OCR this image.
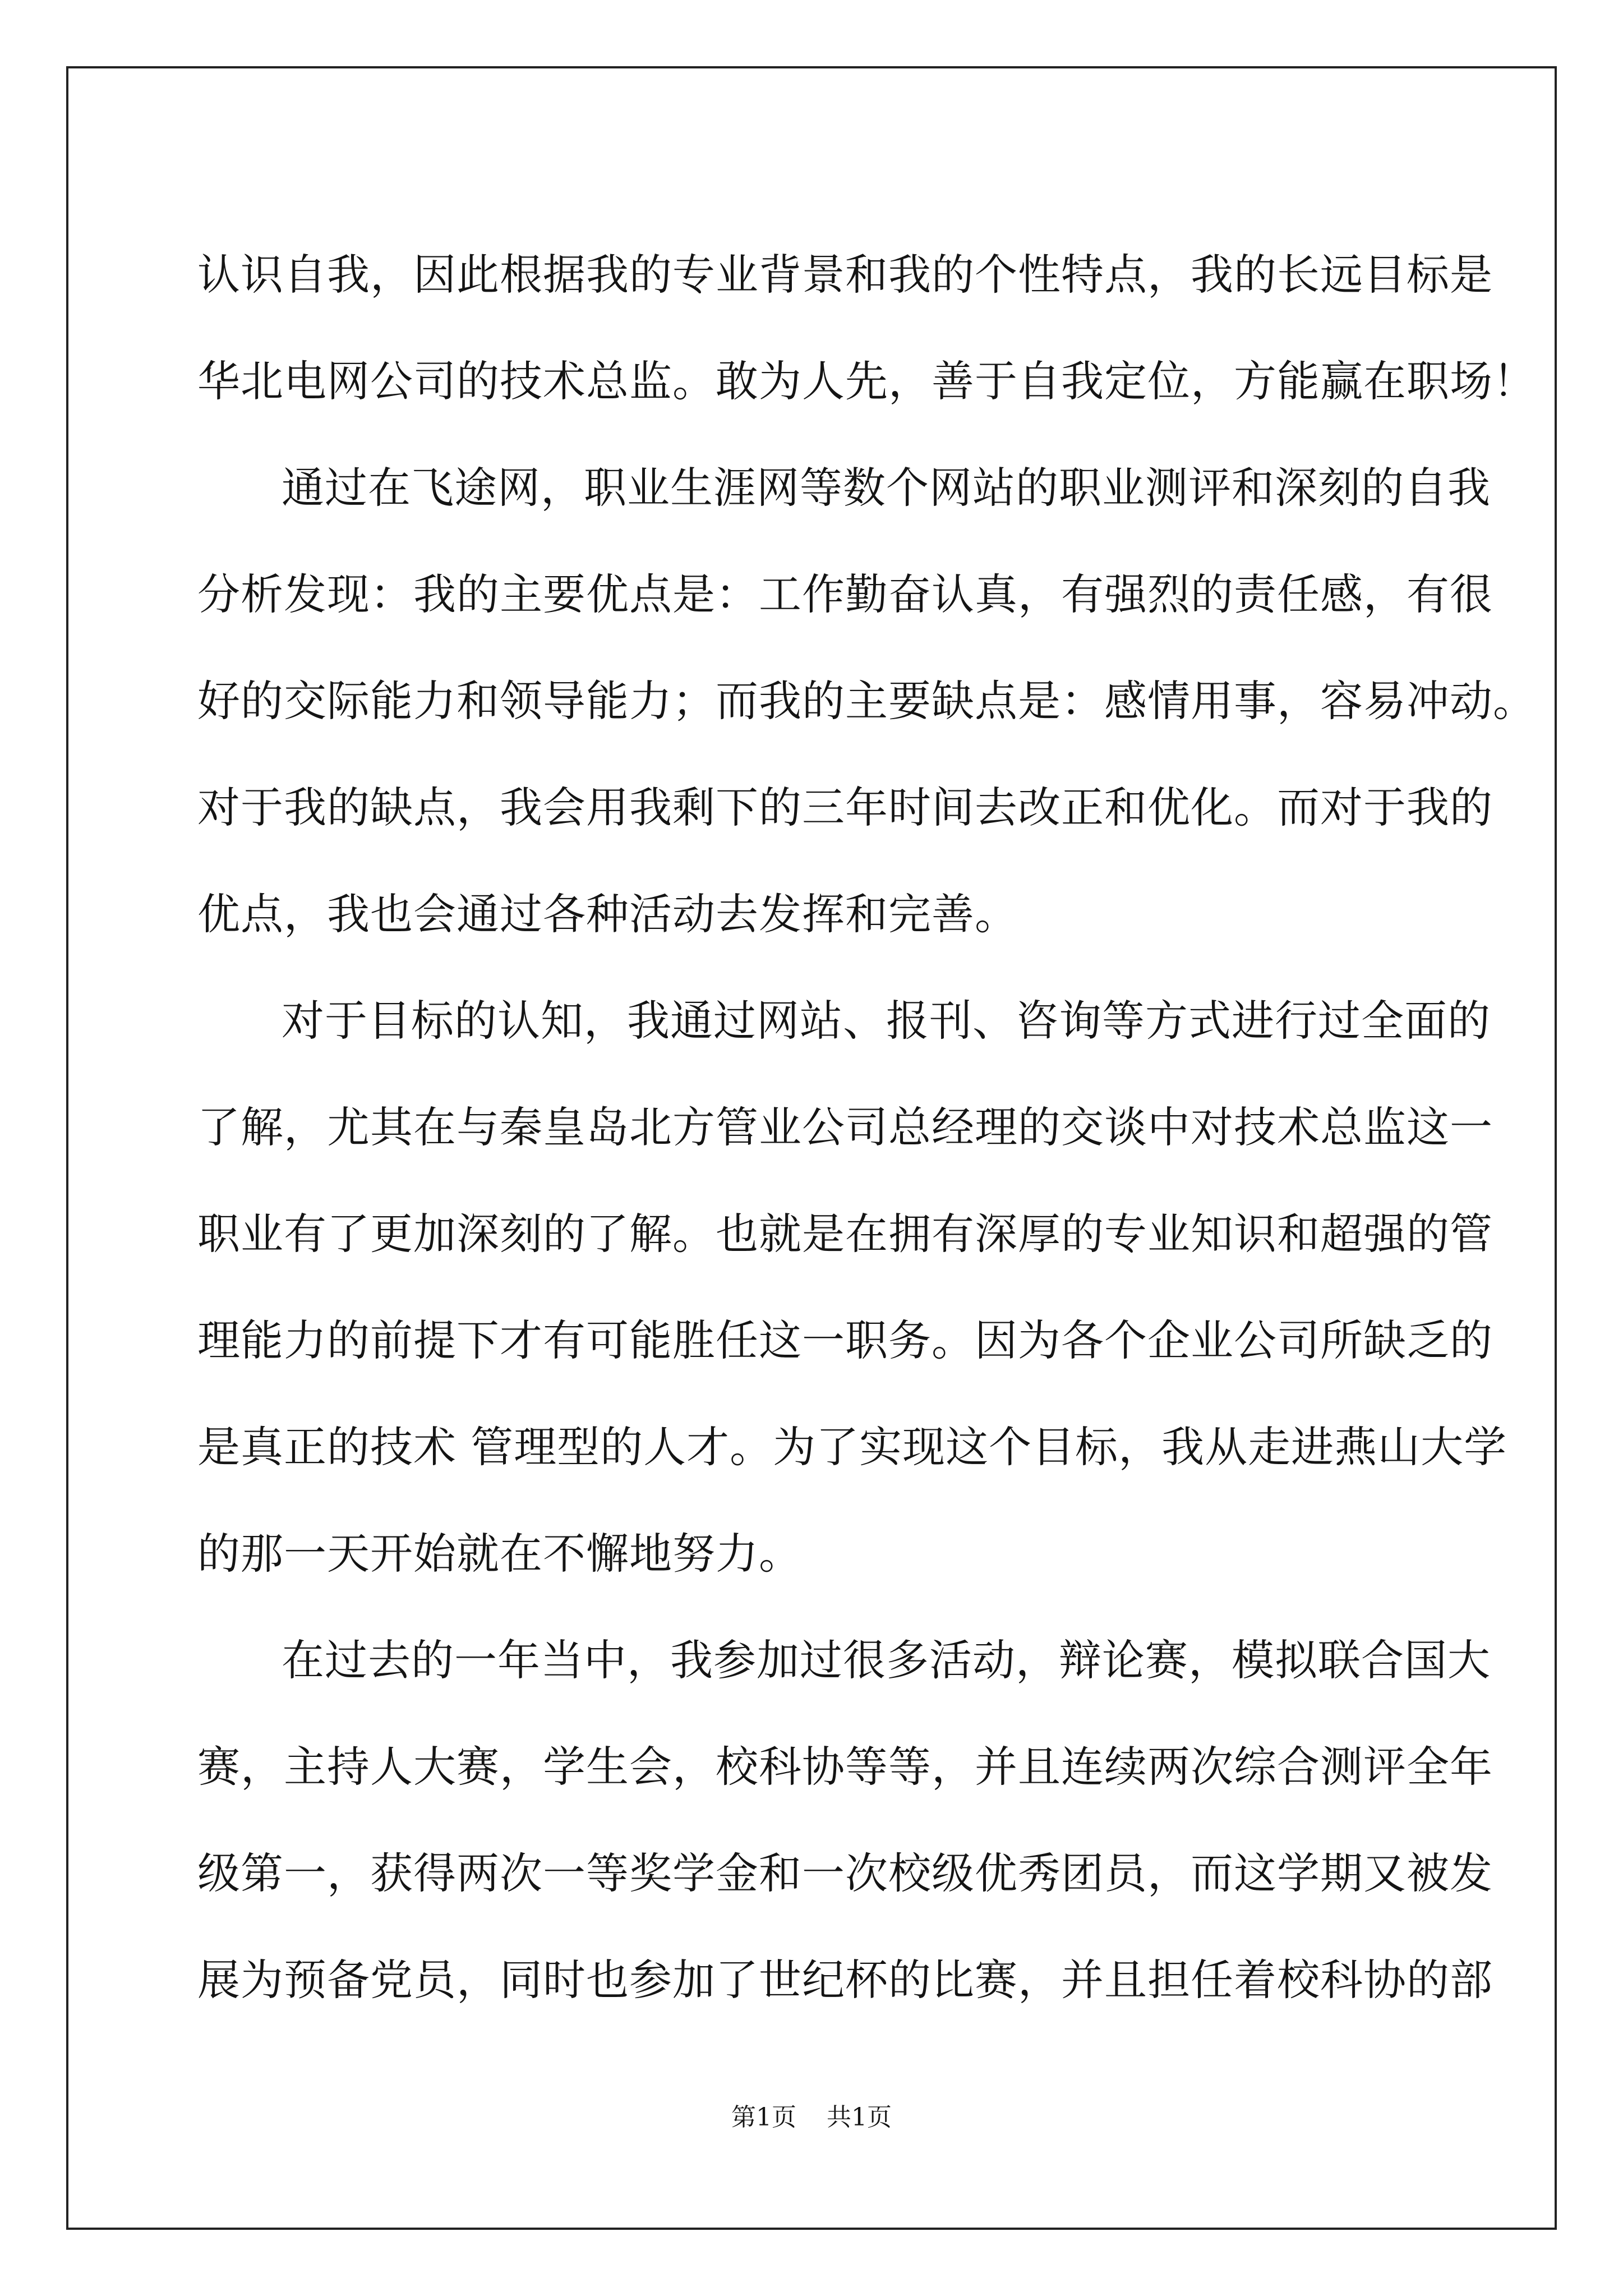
认识自我，因此根据我的专业背景和我的个性特点，我的长远目标是
华北电网公司的技术总监。敢为人先，善于自我定位，方能赢在职场！
通过在飞途网，职业生涯网等数个网站的职业测评和深刻的自我
分析发现：我的主要优点是：工作勤奋认真，有强烈的责任感，有很
好的交际能力和领导能力；而我的主要缺点是：感情用事，容易冲动。
对于我的缺点，我会用我剩下的三年时间去改正和优化。而对于我的
优点，我也会通过各种活动去发挥和完善。
对于目标的认知，我通过网站、报刊、咨询等方式进行过全面的
了解，尤其在与秦皇岛北方管业公司总经理的交谈中对技术总监这一
职业有了更加深刻的了解。也就是在拥有深厚的专业知识和超强的管
理能力的前提下才有可能胜任这一职务。因为各个企业公司所缺乏的
是真正的技术 管理型的人才。为了实现这个目标，我从走进燕山大学
的那一天开始就在不懈地努力。
在过去的一年当中，我参加过很多活动，辩论赛，模拟联合国大
赛，主持人大赛，学生会，校科协等等，并且连续两次综合测评全年
级第一，获得两次一等奖学金和一次校级优秀团员，而这学期又被发
展为预备党员，同时也参加了世纪杯的比赛，并且担任着校科协的部
第1页 共1页
